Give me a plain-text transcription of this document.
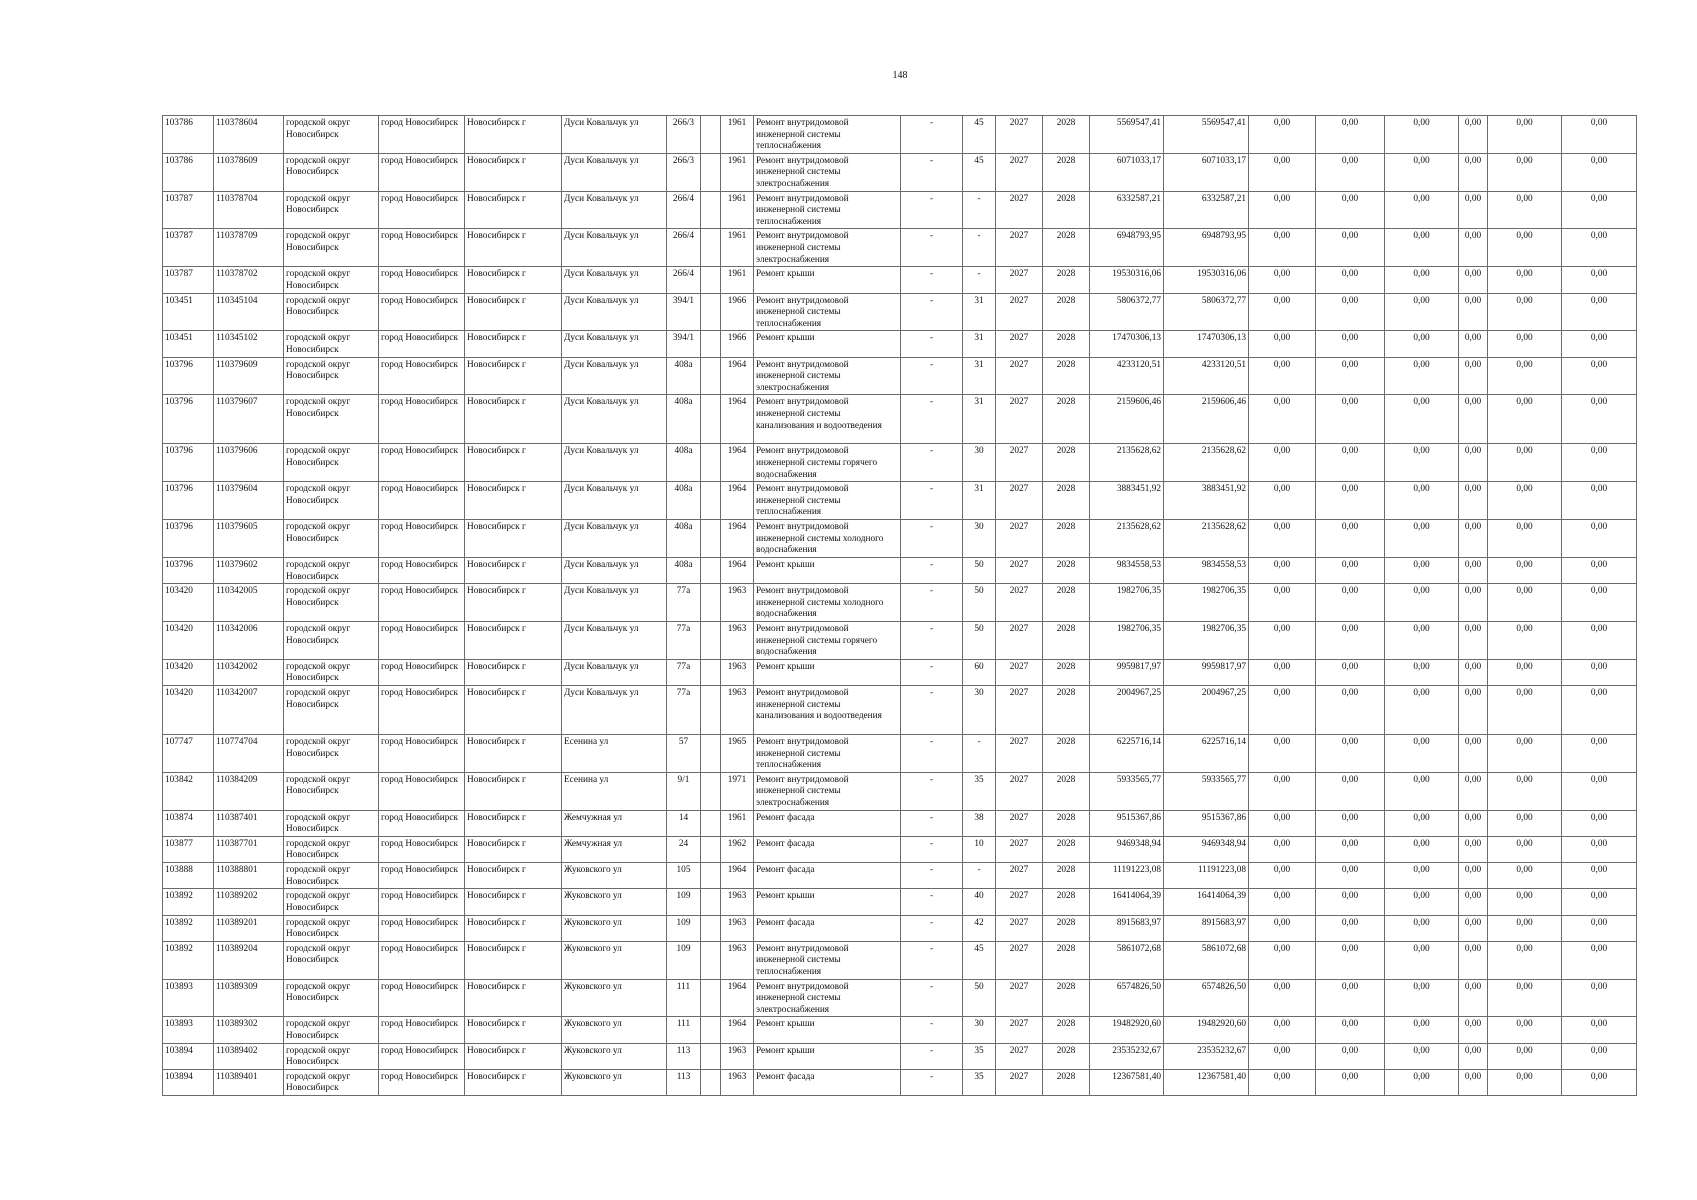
148
103786	110378604	городской округ Новосибирск	город Новосибирск	Новосибирск г	Дуси Ковальчук ул	266/3		1961	Ремонт внутридомовой инженерной системы теплоснабжения	-	45	2027	2028	5569547,41	5569547,41	0,00	0,00	0,00	0,00	0,00	0,00
103786	110378609	городской округ Новосибирск	город Новосибирск	Новосибирск г	Дуси Ковальчук ул	266/3		1961	Ремонт внутридомовой инженерной системы электроснабжения	-	45	2027	2028	6071033,17	6071033,17	0,00	0,00	0,00	0,00	0,00	0,00
103787	110378704	городской округ Новосибирск	город Новосибирск	Новосибирск г	Дуси Ковальчук ул	266/4		1961	Ремонт внутридомовой инженерной системы теплоснабжения	-	-	2027	2028	6332587,21	6332587,21	0,00	0,00	0,00	0,00	0,00	0,00
103787	110378709	городской округ Новосибирск	город Новосибирск	Новосибирск г	Дуси Ковальчук ул	266/4		1961	Ремонт внутридомовой инженерной системы электроснабжения	-	-	2027	2028	6948793,95	6948793,95	0,00	0,00	0,00	0,00	0,00	0,00
103787	110378702	городской округ Новосибирск	город Новосибирск	Новосибирск г	Дуси Ковальчук ул	266/4		1961	Ремонт крыши	-	-	2027	2028	19530316,06	19530316,06	0,00	0,00	0,00	0,00	0,00	0,00
103451	110345104	городской округ Новосибирск	город Новосибирск	Новосибирск г	Дуси Ковальчук ул	394/1		1966	Ремонт внутридомовой инженерной системы теплоснабжения	-	31	2027	2028	5806372,77	5806372,77	0,00	0,00	0,00	0,00	0,00	0,00
103451	110345102	городской округ Новосибирск	город Новосибирск	Новосибирск г	Дуси Ковальчук ул	394/1		1966	Ремонт крыши	-	31	2027	2028	17470306,13	17470306,13	0,00	0,00	0,00	0,00	0,00	0,00
103796	110379609	городской округ Новосибирск	город Новосибирск	Новосибирск г	Дуси Ковальчук ул	408а		1964	Ремонт внутридомовой инженерной системы электроснабжения	-	31	2027	2028	4233120,51	4233120,51	0,00	0,00	0,00	0,00	0,00	0,00
103796	110379607	городской округ Новосибирск	город Новосибирск	Новосибирск г	Дуси Ковальчук ул	408а		1964	Ремонт внутридомовой инженерной системы канализования и водоотведения	-	31	2027	2028	2159606,46	2159606,46	0,00	0,00	0,00	0,00	0,00	0,00
103796	110379606	городской округ Новосибирск	город Новосибирск	Новосибирск г	Дуси Ковальчук ул	408а		1964	Ремонт внутридомовой инженерной системы горячего водоснабжения	-	30	2027	2028	2135628,62	2135628,62	0,00	0,00	0,00	0,00	0,00	0,00
103796	110379604	городской округ Новосибирск	город Новосибирск	Новосибирск г	Дуси Ковальчук ул	408а		1964	Ремонт внутридомовой инженерной системы теплоснабжения	-	31	2027	2028	3883451,92	3883451,92	0,00	0,00	0,00	0,00	0,00	0,00
103796	110379605	городской округ Новосибирск	город Новосибирск	Новосибирск г	Дуси Ковальчук ул	408а		1964	Ремонт внутридомовой инженерной системы холодного водоснабжения	-	30	2027	2028	2135628,62	2135628,62	0,00	0,00	0,00	0,00	0,00	0,00
103796	110379602	городской округ Новосибирск	город Новосибирск	Новосибирск г	Дуси Ковальчук ул	408а		1964	Ремонт крыши	-	50	2027	2028	9834558,53	9834558,53	0,00	0,00	0,00	0,00	0,00	0,00
103420	110342005	городской округ Новосибирск	город Новосибирск	Новосибирск г	Дуси Ковальчук ул	77а		1963	Ремонт внутридомовой инженерной системы холодного водоснабжения	-	50	2027	2028	1982706,35	1982706,35	0,00	0,00	0,00	0,00	0,00	0,00
103420	110342006	городской округ Новосибирск	город Новосибирск	Новосибирск г	Дуси Ковальчук ул	77а		1963	Ремонт внутридомовой инженерной системы горячего водоснабжения	-	50	2027	2028	1982706,35	1982706,35	0,00	0,00	0,00	0,00	0,00	0,00
103420	110342002	городской округ Новосибирск	город Новосибирск	Новосибирск г	Дуси Ковальчук ул	77а		1963	Ремонт крыши	-	60	2027	2028	9959817,97	9959817,97	0,00	0,00	0,00	0,00	0,00	0,00
103420	110342007	городской округ Новосибирск	город Новосибирск	Новосибирск г	Дуси Ковальчук ул	77а		1963	Ремонт внутридомовой инженерной системы канализования и водоотведения	-	30	2027	2028	2004967,25	2004967,25	0,00	0,00	0,00	0,00	0,00	0,00
107747	110774704	городской округ Новосибирск	город Новосибирск	Новосибирск г	Есенина ул	57		1965	Ремонт внутридомовой инженерной системы теплоснабжения	-	-	2027	2028	6225716,14	6225716,14	0,00	0,00	0,00	0,00	0,00	0,00
103842	110384209	городской округ Новосибирск	город Новосибирск	Новосибирск г	Есенина ул	9/1		1971	Ремонт внутридомовой инженерной системы электроснабжения	-	35	2027	2028	5933565,77	5933565,77	0,00	0,00	0,00	0,00	0,00	0,00
103874	110387401	городской округ Новосибирск	город Новосибирск	Новосибирск г	Жемчужная ул	14		1961	Ремонт фасада	-	38	2027	2028	9515367,86	9515367,86	0,00	0,00	0,00	0,00	0,00	0,00
103877	110387701	городской округ Новосибирск	город Новосибирск	Новосибирск г	Жемчужная ул	24		1962	Ремонт фасада	-	10	2027	2028	9469348,94	9469348,94	0,00	0,00	0,00	0,00	0,00	0,00
103888	110388801	городской округ Новосибирск	город Новосибирск	Новосибирск г	Жуковского ул	105		1964	Ремонт фасада	-	-	2027	2028	11191223,08	11191223,08	0,00	0,00	0,00	0,00	0,00	0,00
103892	110389202	городской округ Новосибирск	город Новосибирск	Новосибирск г	Жуковского ул	109		1963	Ремонт крыши	-	40	2027	2028	16414064,39	16414064,39	0,00	0,00	0,00	0,00	0,00	0,00
103892	110389201	городской округ Новосибирск	город Новосибирск	Новосибирск г	Жуковского ул	109		1963	Ремонт фасада	-	42	2027	2028	8915683,97	8915683,97	0,00	0,00	0,00	0,00	0,00	0,00
103892	110389204	городской округ Новосибирск	город Новосибирск	Новосибирск г	Жуковского ул	109		1963	Ремонт внутридомовой инженерной системы теплоснабжения	-	45	2027	2028	5861072,68	5861072,68	0,00	0,00	0,00	0,00	0,00	0,00
103893	110389309	городской округ Новосибирск	город Новосибирск	Новосибирск г	Жуковского ул	111		1964	Ремонт внутридомовой инженерной системы электроснабжения	-	50	2027	2028	6574826,50	6574826,50	0,00	0,00	0,00	0,00	0,00	0,00
103893	110389302	городской округ Новосибирск	город Новосибирск	Новосибирск г	Жуковского ул	111		1964	Ремонт крыши	-	30	2027	2028	19482920,60	19482920,60	0,00	0,00	0,00	0,00	0,00	0,00
103894	110389402	городской округ Новосибирск	город Новосибирск	Новосибирск г	Жуковского ул	113		1963	Ремонт крыши	-	35	2027	2028	23535232,67	23535232,67	0,00	0,00	0,00	0,00	0,00	0,00
103894	110389401	городской округ Новосибирск	город Новосибирск	Новосибирск г	Жуковского ул	113		1963	Ремонт фасада	-	35	2027	2028	12367581,40	12367581,40	0,00	0,00	0,00	0,00	0,00	0,00
